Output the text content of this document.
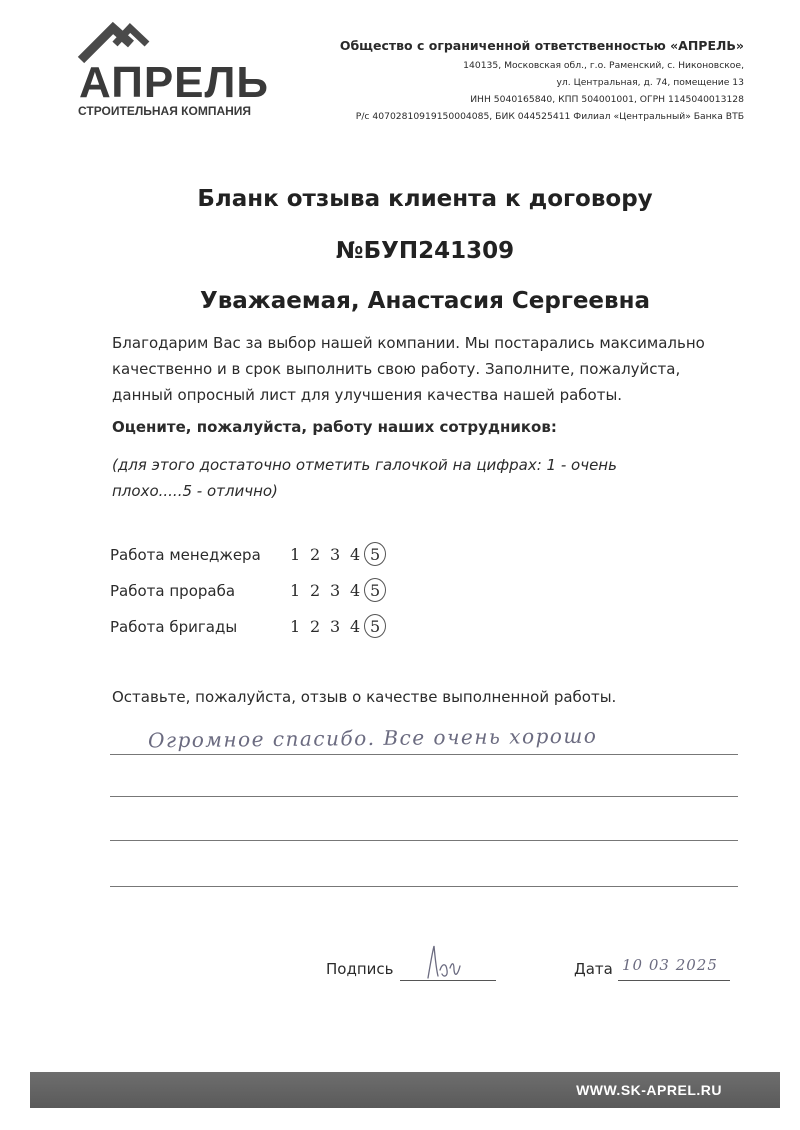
АПРЕЛЬ
СТРОИТЕЛЬНАЯ КОМПАНИЯ
Общество с ограниченной ответственностью «АПРЕЛЬ»
140135, Московская обл., г.о. Раменский, с. Никоновское,
ул. Центральная, д. 74, помещение 13
ИНН 5040165840, КПП 504001001, ОГРН 1145040013128
Р/с 40702810919150004085, БИК 044525411 Филиал «Центральный» Банка ВТБ
Бланк отзыва клиента к договору
№БУП241309
Уважаемая, Анастасия Сергеевна
Благодарим Вас за выбор нашей компании. Мы постарались максимально
качественно и в срок выполнить свою работу. Заполните, пожалуйста,
данный опросный лист для улучшения качества нашей работы.
Оцените, пожалуйста, работу наших сотрудников:
(для этого достаточно отметить галочкой на цифрах: 1 - очень
плохо.....5 - отлично)
Работа менеджера 1 2 3 4 5
Работа прораба	1 2 3 4 5
Работа бригады	1 2 3 4 5
Оставьте, пожалуйста, отзыв о качестве выполненной работы.
Огромное спасибо. Все очень хорошо
Подпись	Дата 10 03 2025
WWW.SK-APREL.RU
